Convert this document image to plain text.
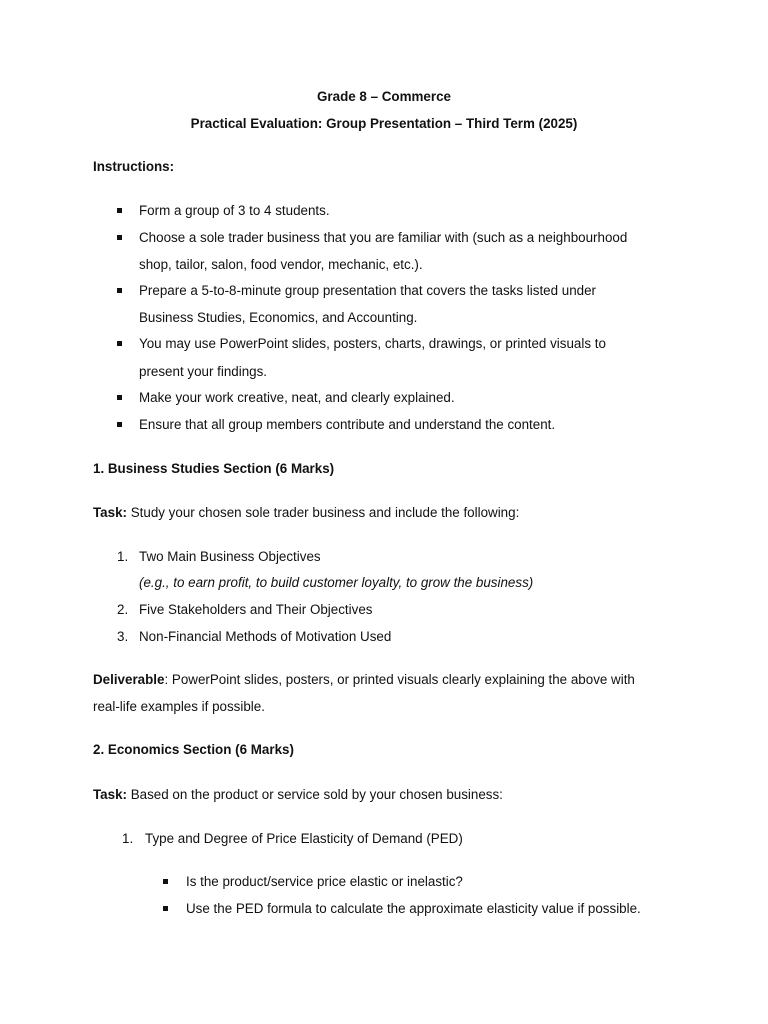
Grade 8 – Commerce
Practical Evaluation: Group Presentation – Third Term (2025)
Instructions:
Form a group of 3 to 4 students.
Choose a sole trader business that you are familiar with (such as a neighbourhood
shop, tailor, salon, food vendor, mechanic, etc.).
Prepare a 5-to-8-minute group presentation that covers the tasks listed under
Business Studies, Economics, and Accounting.
You may use PowerPoint slides, posters, charts, drawings, or printed visuals to
present your findings.
Make your work creative, neat, and clearly explained.
Ensure that all group members contribute and understand the content.
1. Business Studies Section (6 Marks)
Task: Study your chosen sole trader business and include the following:
1. Two Main Business Objectives
(e.g., to earn profit, to build customer loyalty, to grow the business)
2. Five Stakeholders and Their Objectives
3. Non-Financial Methods of Motivation Used
Deliverable: PowerPoint slides, posters, or printed visuals clearly explaining the above with
real-life examples if possible.
2. Economics Section (6 Marks)
Task: Based on the product or service sold by your chosen business:
1. Type and Degree of Price Elasticity of Demand (PED)
Is the product/service price elastic or inelastic?
Use the PED formula to calculate the approximate elasticity value if possible.
